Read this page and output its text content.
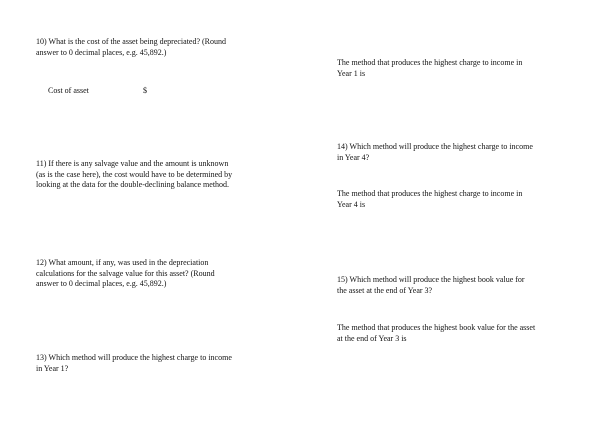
10) What is the cost of the asset being depreciated? (Round
answer to 0 decimal places, e.g. 45,892.)

Cost of asset	$

The method that produces the highest charge to income in
Year 1 is

14) Which method will produce the highest charge to income
in Year 4?

11) If there is any salvage value and the amount is unknown
(as is the case here), the cost would have to be determined by
looking at the data for the double-declining balance method.

The method that produces the highest charge to income in
Year 4 is

12) What amount, if any, was used in the depreciation
calculations for the salvage value for this asset? (Round
answer to 0 decimal places, e.g. 45,892.)	15) Which method will produce the highest book value for
the asset at the end of Year 3?

The method that produces the highest book value for the asset
at the end of Year 3 is

13) Which method will produce the highest charge to income
in Year 1?
